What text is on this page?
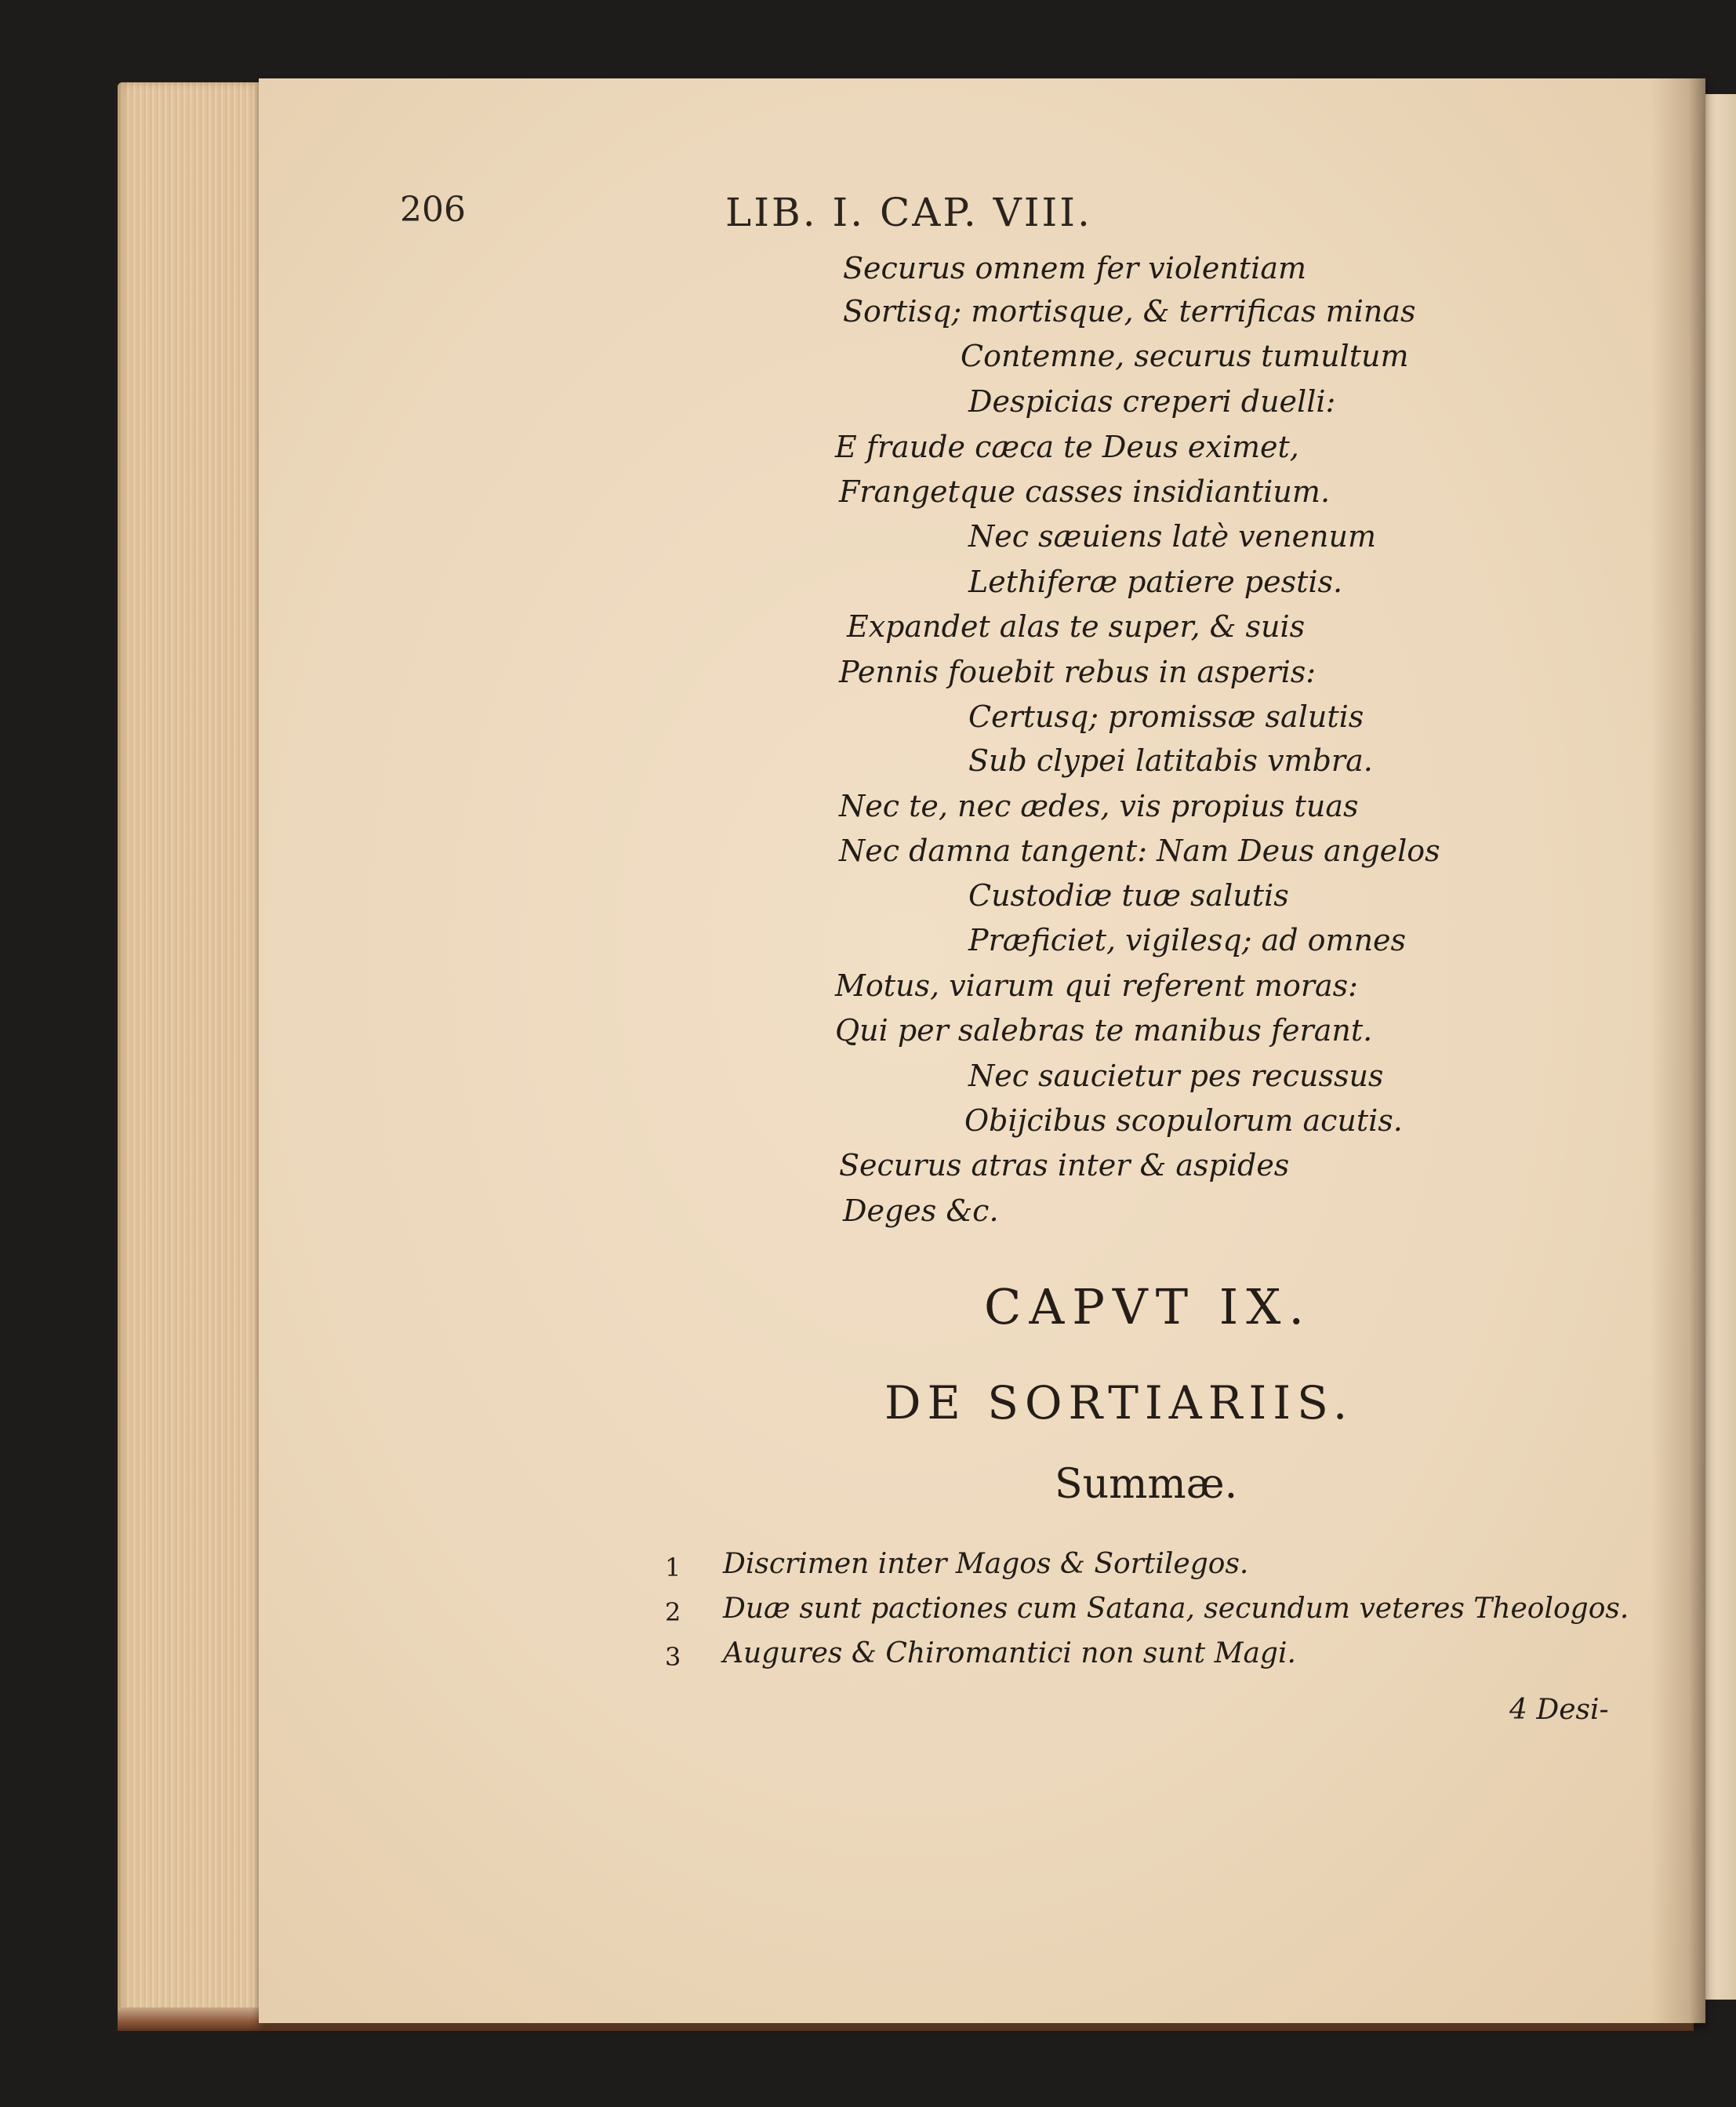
206	LIB. I. CAP. VIII.
Securus omnem fer violentiam
Sortisq; mortisque, & terrificas minas
Contemne, securus tumultum
Despicias creperi duelli:
E fraude cæca te Deus eximet,
Frangetque casses insidiantium.
Nec sæuiens latè venenum
Lethiferæ patiere pestis.
Expandet alas te super, & suis
Pennis fouebit rebus in asperis:
Certusq; promissæ salutis
Sub clypei latitabis vmbra.
Nec te, nec ædes, vis propius tuas
Nec damna tangent: Nam Deus angelos
Custodiæ tuæ salutis
Præficiet, vigilesq; ad omnes
Motus, viarum qui referent moras:
Qui per salebras te manibus ferant.
Nec saucietur pes recussus
Obijcibus scopulorum acutis.
Securus atras inter & aspides
Deges &c.
CAPVT IX.
DE SORTIARIIS.
Summæ.
1 Discrimen inter Magos & Sortilegos.
2 Duæ sunt pactiones cum Satana, secundum veteres Theologos.
3 Augures & Chiromantici non sunt Magi.
4 Desi-
